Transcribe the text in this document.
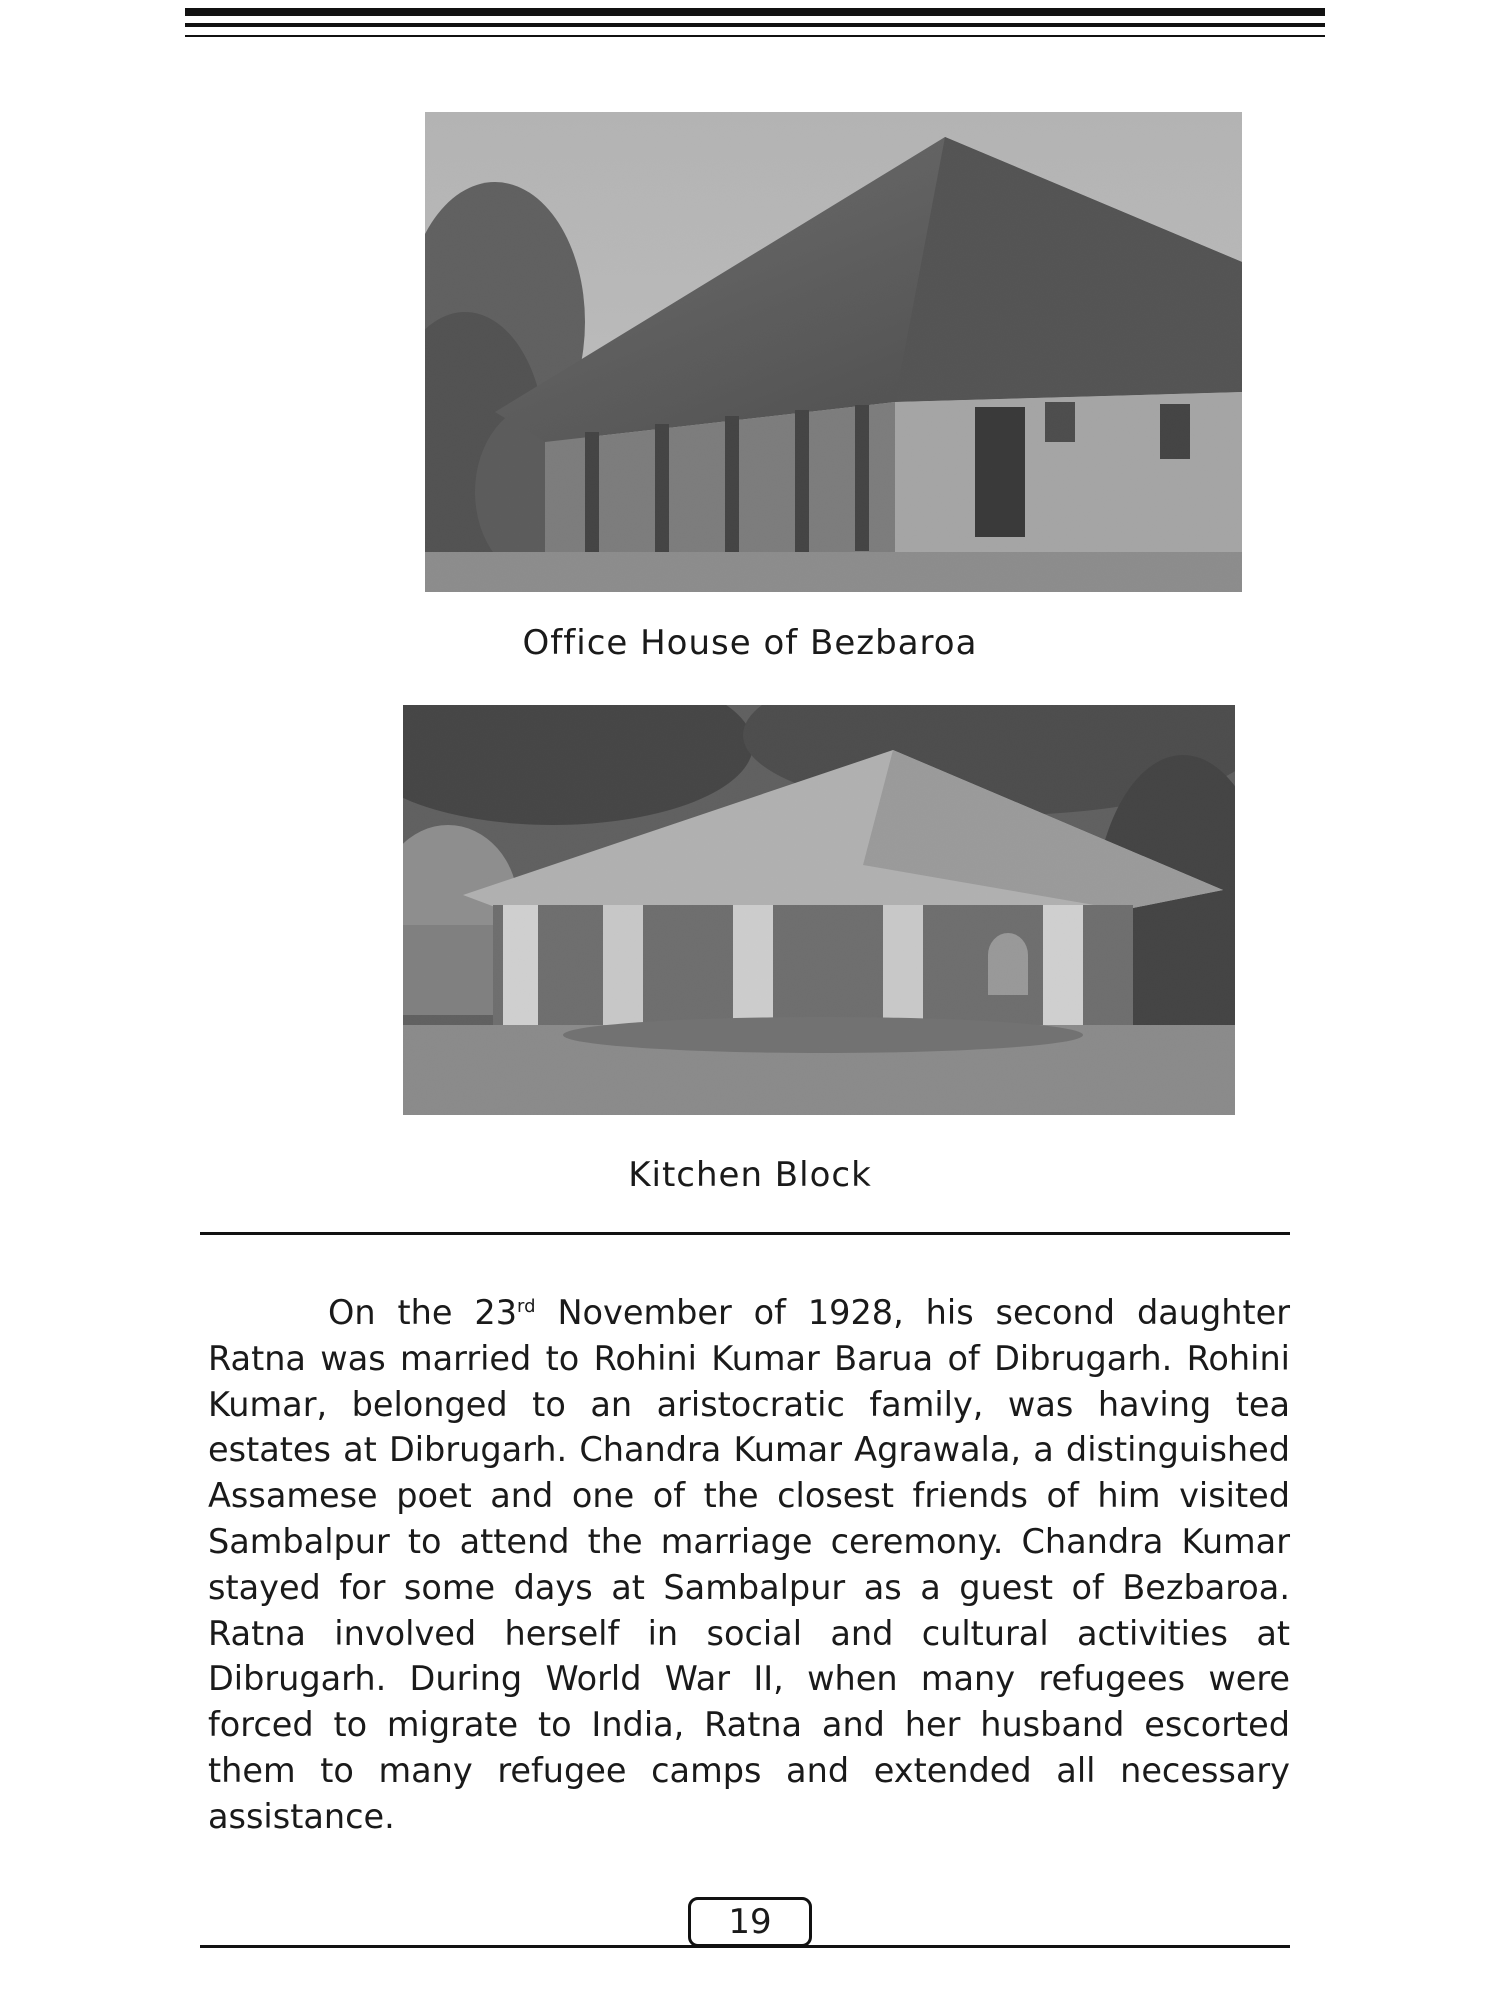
Office House of Bezbaroa
Kitchen Block

On the 23rd November of 1928, his second daughter Ratna was married to Rohini Kumar Barua of Dibrugarh. Rohini Kumar, belonged to an aristocratic family, was having tea estates at Dibrugarh. Chandra Kumar Agrawala, a distinguished Assamese poet and one of the closest friends of him visited Sambalpur to attend the marriage ceremony. Chandra Kumar stayed for some days at Sambalpur as a guest of Bezbaroa. Ratna involved herself in social and cultural activities at Dibrugarh. During World War II, when many refugees were forced to migrate to India, Ratna and her husband escorted them to many refugee camps and extended all necessary assistance.

19
